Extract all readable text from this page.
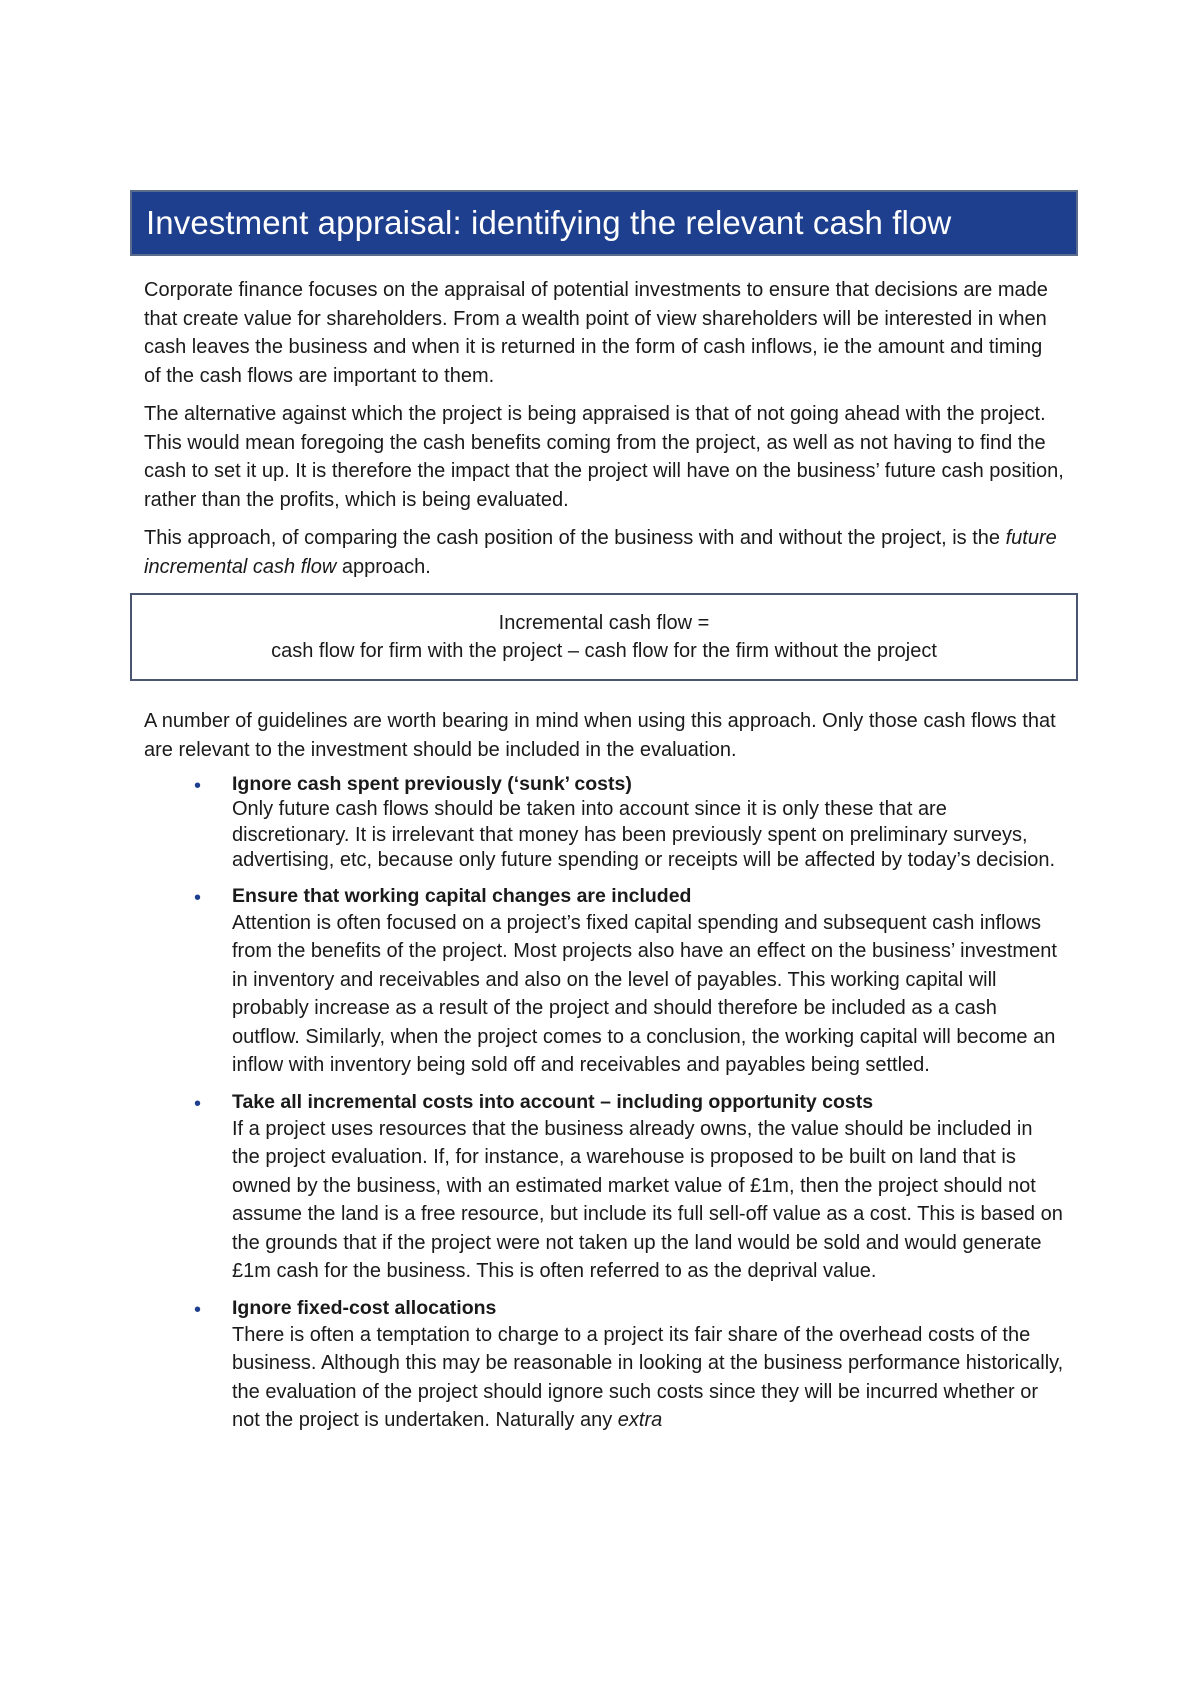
Investment appraisal: identifying the relevant cash flow

Corporate finance focuses on the appraisal of potential investments to ensure that decisions are made that create value for shareholders. From a wealth point of view shareholders will be interested in when cash leaves the business and when it is returned in the form of cash inflows, ie the amount and timing of the cash flows are important to them.

The alternative against which the project is being appraised is that of not going ahead with the project. This would mean foregoing the cash benefits coming from the project, as well as not having to find the cash to set it up. It is therefore the impact that the project will have on the business’ future cash position, rather than the profits, which is being evaluated.

This approach, of comparing the cash position of the business with and without the project, is the future incremental cash flow approach.

Incremental cash flow =
cash flow for firm with the project – cash flow for the firm without the project

A number of guidelines are worth bearing in mind when using this approach. Only those cash flows that are relevant to the investment should be included in the evaluation.

• Ignore cash spent previously (‘sunk’ costs)
Only future cash flows should be taken into account since it is only these that are discretionary. It is irrelevant that money has been previously spent on preliminary surveys, advertising, etc, because only future spending or receipts will be affected by today’s decision.
• Ensure that working capital changes are included
Attention is often focused on a project’s fixed capital spending and subsequent cash inflows from the benefits of the project. Most projects also have an effect on the business’ investment in inventory and receivables and also on the level of payables. This working capital will probably increase as a result of the project and should therefore be included as a cash outflow. Similarly, when the project comes to a conclusion, the working capital will become an inflow with inventory being sold off and receivables and payables being settled.
• Take all incremental costs into account – including opportunity costs
If a project uses resources that the business already owns, the value should be included in the project evaluation. If, for instance, a warehouse is proposed to be built on land that is owned by the business, with an estimated market value of £1m, then the project should not assume the land is a free resource, but include its full sell-off value as a cost. This is based on the grounds that if the project were not taken up the land would be sold and would generate £1m cash for the business. This is often referred to as the deprival value.
• Ignore fixed-cost allocations
There is often a temptation to charge to a project its fair share of the overhead costs of the business. Although this may be reasonable in looking at the business performance historically, the evaluation of the project should ignore such costs since they will be incurred whether or not the project is undertaken. Naturally any extra
